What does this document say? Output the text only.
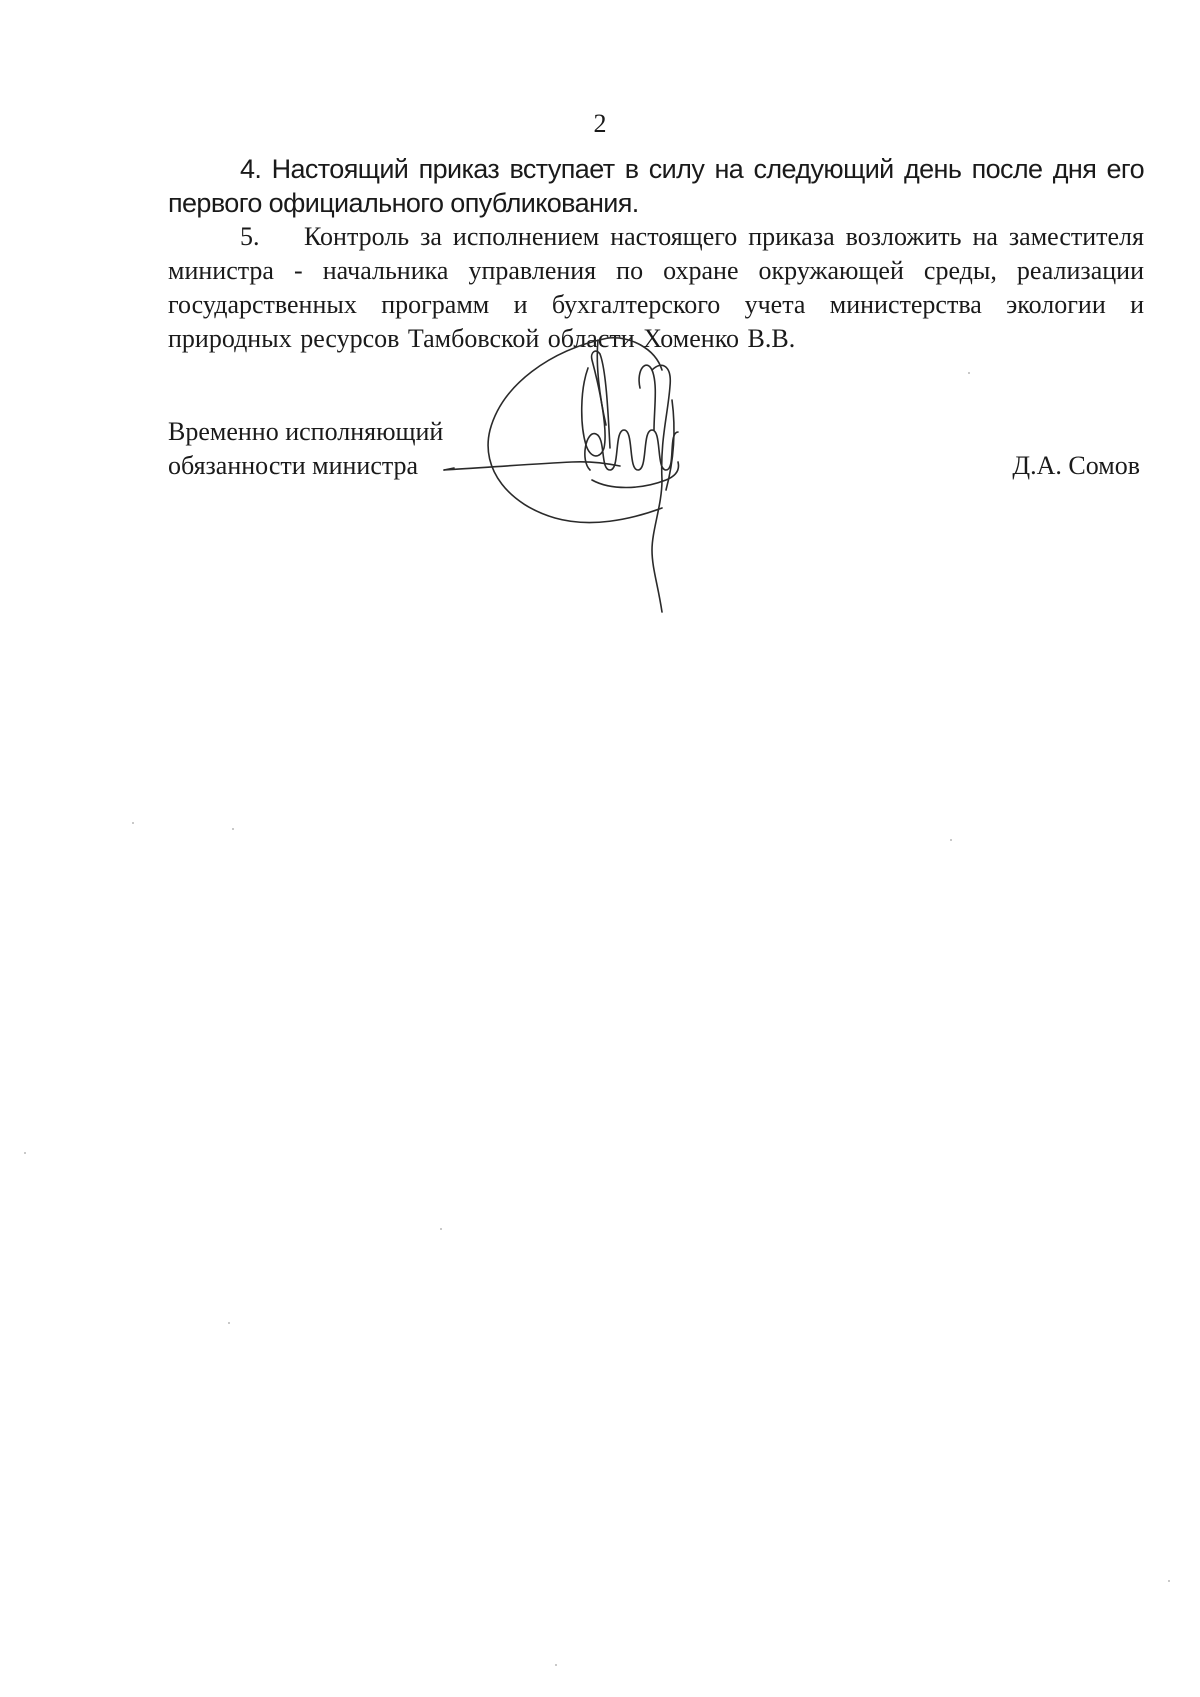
2

4. Настоящий приказ вступает в силу на следующий день после дня его первого официального опубликования.

5. Контроль за исполнением настоящего приказа возложить на заместителя министра - начальника управления по охране окружающей среды, реализации государственных программ и бухгалтерского учета министерства экологии и природных ресурсов Тамбовской области Хоменко В.В.

Временно исполняющий
обязанности министра	Д.А. Сомов
